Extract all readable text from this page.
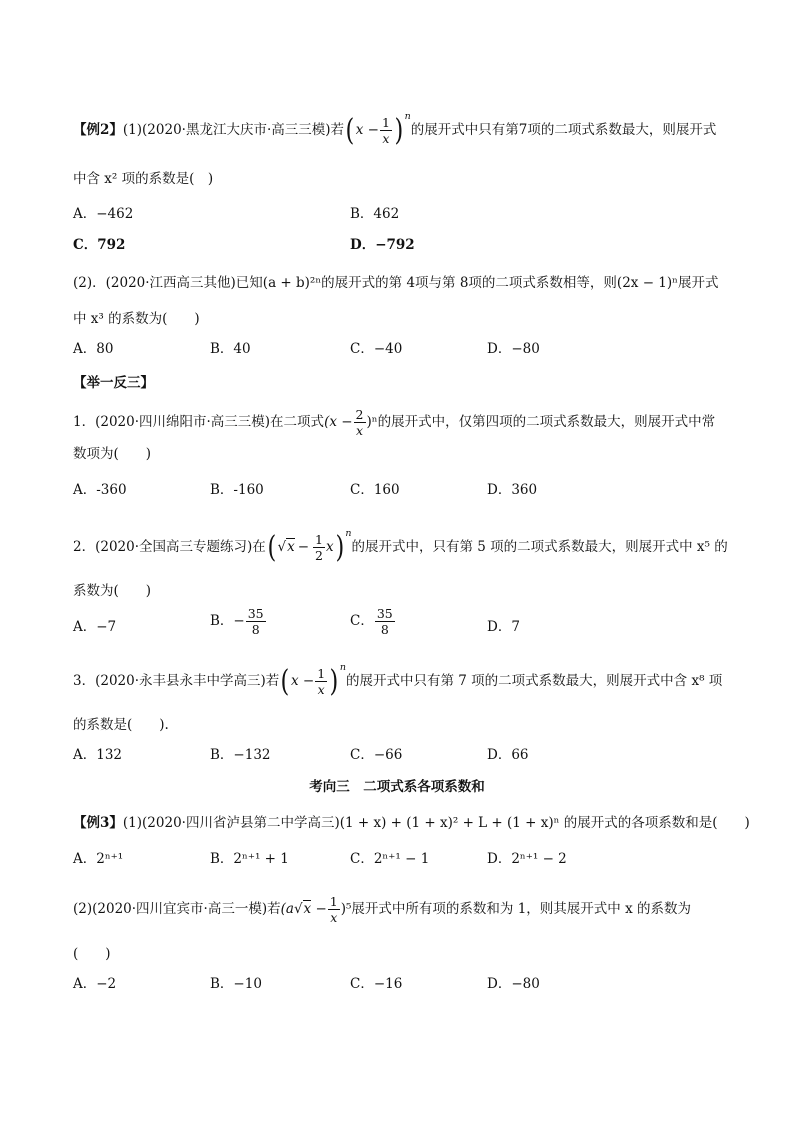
【例2】(1)(2020·黑龙江大庆市·高三三模)若$(x - \frac{1}{x} )^n$的展开式中只有第7项的二项式系数最大，则展开式
中含 x² 项的系数是(　)
A．−462	B．462
C．792	D．−792
(2)．(2020·江西高三其他)已知(a + b)²ⁿ的展开式的第 4项与第 8项的二项式系数相等，则(2x − 1)ⁿ展开式
中 x³ 的系数为(　　)
A．80	B．40	C．−40	D．−80
【举一反三】
1．(2020·四川绵阳市·高三三模)在二项式$(x - \frac{2}{x} )^n$的展开式中，仅第四项的二项式系数最大，则展开式中常
数项为(　　)
A．-360	B．-160	C．160	D．360
2．(2020·全国高三专题练习)在$(√x - \frac{1}{2} x)^n$的展开式中，只有第 5 项的二项式系数最大，则展开式中 x⁵ 的
系数为(　　)
A．−7	B．− $\frac{35}{8}$	C． $\frac{35}{8}$	D．7
3．(2020·永丰县永丰中学高三)若$(x - \frac{1}{x} )^n$的展开式中只有第 7 项的二项式系数最大，则展开式中含 x⁸ 项
的系数是(　　).
A．132	B．−132	C．−66	D．66
考向三　二项式系各项系数和
【例3】(1)(2020·四川省泸县第二中学高三)(1 + x) + (1 + x)² + L + (1 + x)ⁿ 的展开式的各项系数和是(　　)
A．2ⁿ⁺¹	B．2ⁿ⁺¹ + 1	C．2ⁿ⁺¹ − 1	D．2ⁿ⁺¹ − 2
(2)(2020·四川宜宾市·高三一模)若$(a√x - \frac{1}{x} )^5$展开式中所有项的系数和为 1，则其展开式中 x 的系数为
(　　)
A．−2	B．−10	C．−16	D．−80
